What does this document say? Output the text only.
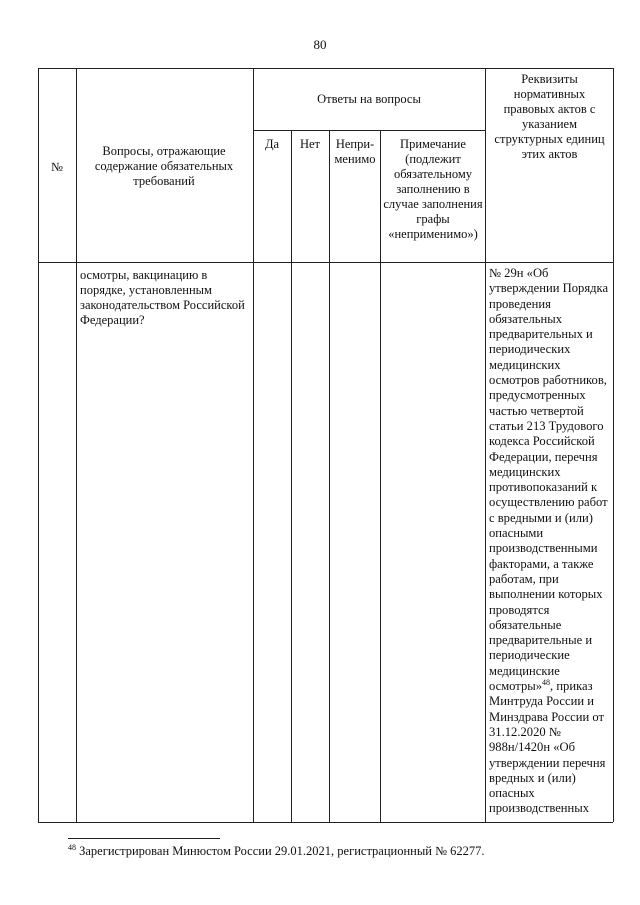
80
№
Вопросы, отражающие содержание обязательных требований
Ответы на вопросы
Да	Нет	Непри-менимо
Примечание (подлежит обязательному заполнению в случае заполнения графы «неприменимо»)
Реквизиты нормативных правовых актов с указанием структурных единиц этих актов
осмотры, вакцинацию в порядке, установленным законодательством Российской Федерации?
№ 29н «Об утверждении Порядка проведения обязательных предварительных и периодических медицинских осмотров работников, предусмотренных частью четвертой статьи 213 Трудового кодекса Российской Федерации, перечня медицинских противопоказаний к осуществлению работ с вредными и (или) опасными производственными факторами, а также работам, при выполнении которых проводятся обязательные предварительные и периодические медицинские осмотры»$^{48}$, приказ Минтруда России и Минздрава России от 31.12.2020 № 988н/1420н «Об утверждении перечня вредных и (или) опасных производственных
$^{48}$ Зарегистрирован Минюстом России 29.01.2021, регистрационный № 62277.
